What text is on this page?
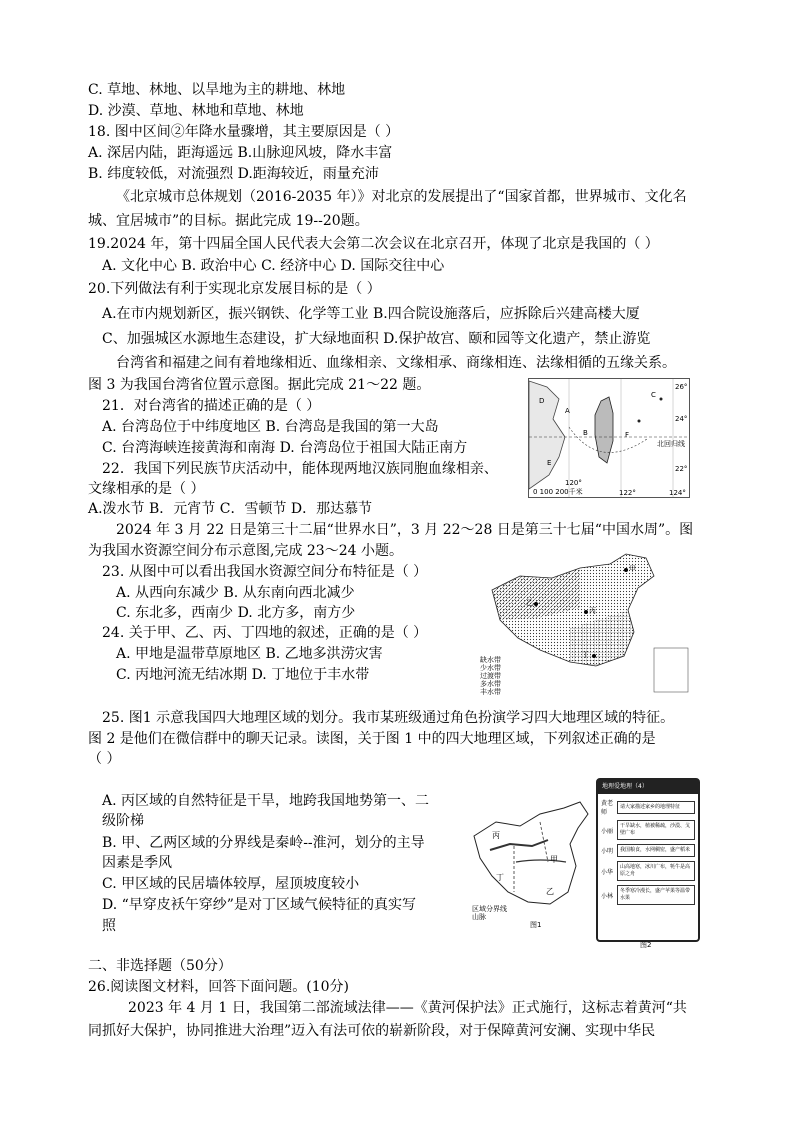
C. 草地、林地、以旱地为主的耕地、林地
D. 沙漠、草地、林地和草地、林地
18. 图中区间②年降水量骤增，其主要原因是（ ）
A. 深居内陆，距海遥远 B.山脉迎风坡，降水丰富
B. 纬度较低，对流强烈 D.距海较近，雨量充沛
《北京城市总体规划（2016-2035 年）》对北京的发展提出了“国家首都，世界城市、文化名
城、宜居城市”的目标。据此完成 19--20题。
19.2024 年，第十四届全国人民代表大会第二次会议在北京召开，体现了北京是我国的（ ）
A. 文化中心 B. 政治中心 C. 经济中心 D. 国际交往中心
20.下列做法有利于实现北京发展目标的是（ ）
A.在市内规划新区，振兴钢铁、化学等工业 B.四合院设施落后，应拆除后兴建高楼大厦
C、加强城区水源地生态建设，扩大绿地面积 D.保护故宫、颐和园等文化遗产，禁止游览
台湾省和福建之间有着地缘相近、血缘相亲、文缘相承、商缘相连、法缘相循的五缘关系。
图 3 为我国台湾省位置示意图。据此完成 21～22 题。
21．对台湾省的描述正确的是（ ）
A. 台湾岛位于中纬度地区 B. 台湾岛是我国的第一大岛
C. 台湾海峡连接黄海和南海 D. 台湾岛位于祖国大陆正南方
22．我国下列民族节庆活动中，能体现两地汉族同胞血缘相亲、
文缘相承的是（ ）
A.泼水节 B．元宵节 C．雪顿节 D．那达慕节
2024 年 3 月 22 日是第三十二届“世界水日”，3 月 22～28 日是第三十七届“中国水周”。图
为我国水资源空间分布示意图,完成 23～24 小题。
23. 从图中可以看出我国水资源空间分布特征是（ ）
A. 从西向东减少 B. 从东南向西北减少
C. 东北多，西南少 D. 北方多，南方少
24. 关于甲、乙、丙、丁四地的叙述，正确的是（ ）
A. 甲地是温带草原地区 B. 乙地多洪涝灾害
C. 丙地河流无结冰期 D. 丁地位于丰水带
25. 图1 示意我国四大地理区域的划分。我市某班级通过角色扮演学习四大地理区域的特征。
图 2 是他们在微信群中的聊天记录。读图，关于图 1 中的四大地理区域，下列叙述正确的是
（ ）
A. 丙区域的自然特征是干旱，地跨我国地势第一、二
级阶梯
B. 甲、乙两区域的分界线是秦岭--淮河，划分的主导
因素是季风
C. 甲区域的民居墙体较厚，屋顶坡度较小
D. “早穿皮袄午穿纱”是对丁区域气候特征的真实写
照
二、非选择题（50分）
26.阅读图文材料，回答下面问题。(10分)
2023 年 4 月 1 日，我国第二部流域法律——《黄河保护法》正式施行，这标志着黄河“共
同抓好大保护，协同推进大治理”迈入有法可依的崭新阶段，对于保障黄河安澜、实现中华民
D
A
B
C
E
F
26°
24°
北回归线
22°
120°
122°	124°
0 100 200千米
甲
乙
丙
丁
缺水带
少水带
过渡带
多水带
丰水带
丙
丁
甲
乙
区域分界线
山脉
图1
地理爱地理（4）
黄老师
请大家描述家乡的地理特征
小丽
干旱缺水，植被稀疏，沙漠、戈壁广布
小明	我国粮食，水网稠密，盛产稻米
小华
山高地寒，冰川广布，牦牛是高原之舟
小林
冬季寒冷漫长，盛产苹果等温带水果
图2
